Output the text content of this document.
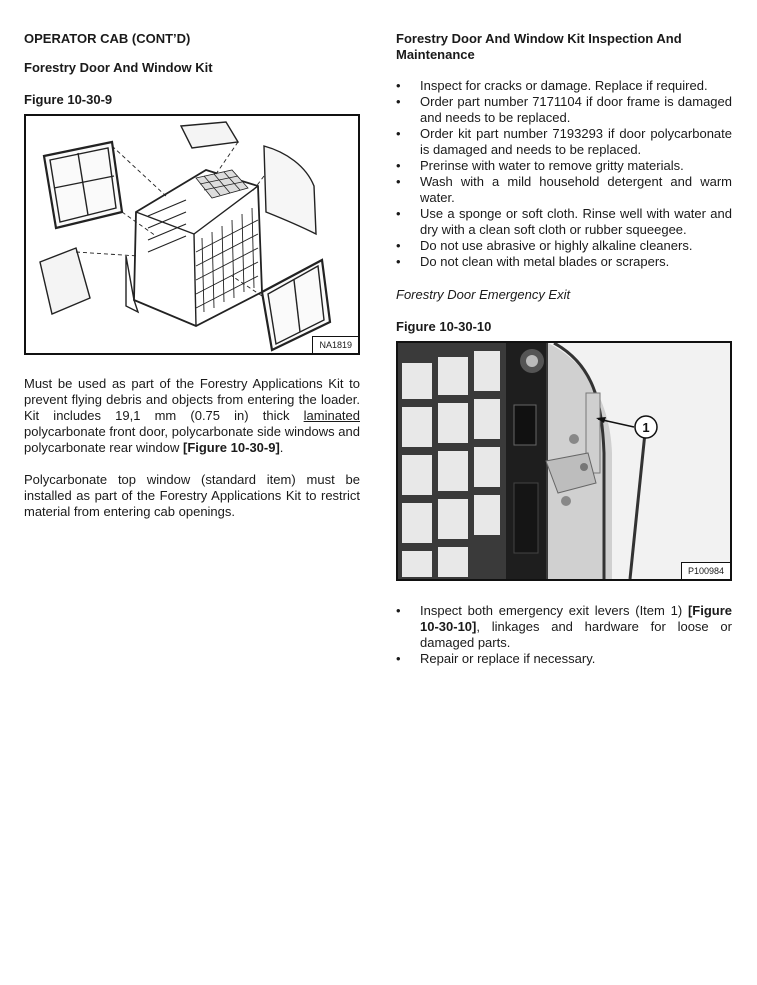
OPERATOR CAB (CONT’D)
Forestry Door And Window Kit
Figure 10-30-9
NA1819
Must be used as part of the Forestry Applications Kit to prevent flying debris and objects from entering the loader. Kit includes 19,1 mm (0.75 in) thick laminated polycarbonate front door, polycarbonate side windows and polycarbonate rear window [Figure 10-30-9].
Polycarbonate top window (standard item) must be installed as part of the Forestry Applications Kit to restrict material from entering cab openings.
Forestry Door And Window Kit Inspection And Maintenance
• Inspect for cracks or damage. Replace if required.
• Order part number 7171104 if door frame is damaged and needs to be replaced.
• Order kit part number 7193293 if door polycarbonate is damaged and needs to be replaced.
• Prerinse with water to remove gritty materials.
• Wash with a mild household detergent and warm water.
• Use a sponge or soft cloth. Rinse well with water and dry with a clean soft cloth or rubber squeegee.
• Do not use abrasive or highly alkaline cleaners.
• Do not clean with metal blades or scrapers.
Forestry Door Emergency Exit
Figure 10-30-10
1
P100984
• Inspect both emergency exit levers (Item 1) [Figure 10-30-10], linkages and hardware for loose or damaged parts.
• Repair or replace if necessary.
